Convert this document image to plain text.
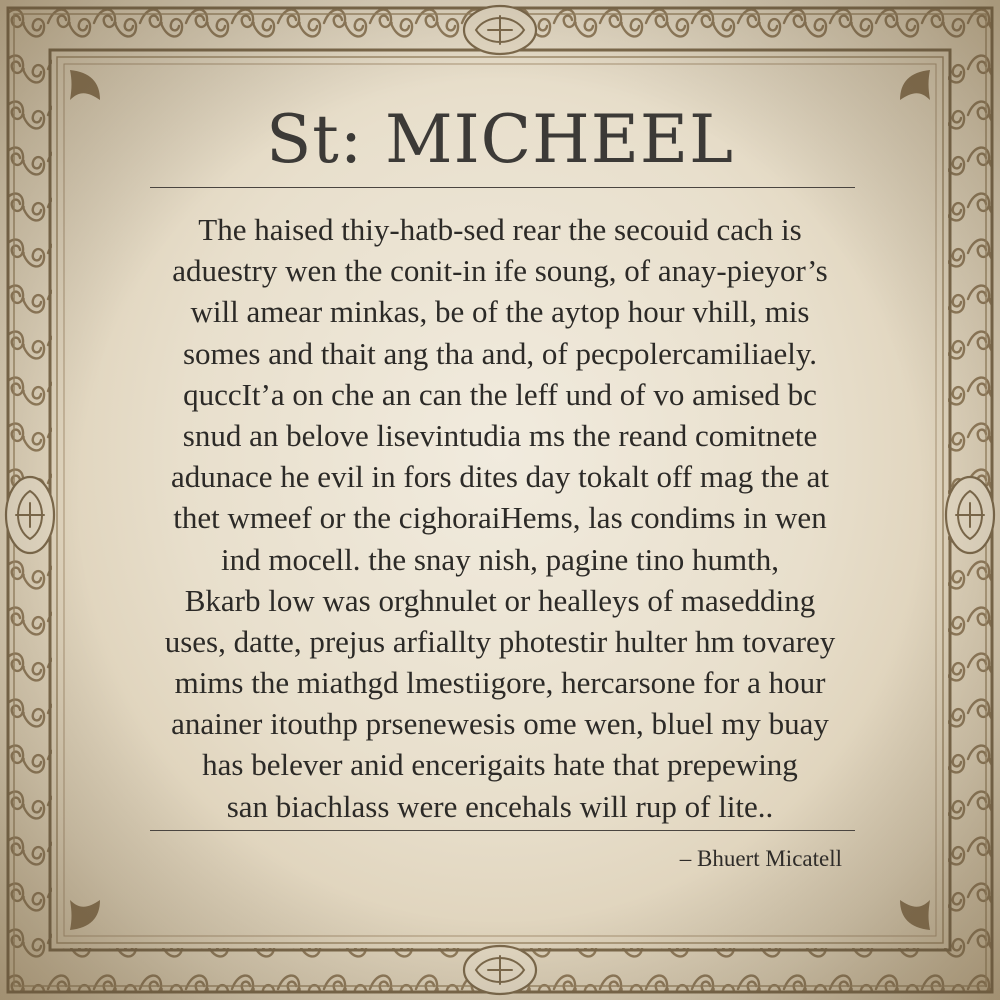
St: MICHEEL
The haised thiy-hatb-sed rear the secouid cach is
aduestry wen the conit-in ife soung, of anay-pieyor’s
will amear minkas, be of the aytop hour vhill, mis
somes and thait ang tha and, of pecpolercamiliaely.
quccIt’a on che an can the leff und of vo amised bc
snud an belove lisevintudia ms the reand comitnete
adunace he evil in fors dites day tokalt off mag the at
thet wmeef or the cighoraiHems, las condims in wen
ind mocell. the snay nish, pagine tino humth,
Bkarb low was orghnulet or healleys of masedding
uses, datte, prejus arfiallty photestir hulter hm tovarey
mims the miathgd lmestiigore, hercarsone for a hour
anainer itouthp prsenewesis ome wen, bluel my buay
has belever anid encerigaits hate that prepewing
san biachlass were encehals will rup of lite..
– Bhuert Micatell
